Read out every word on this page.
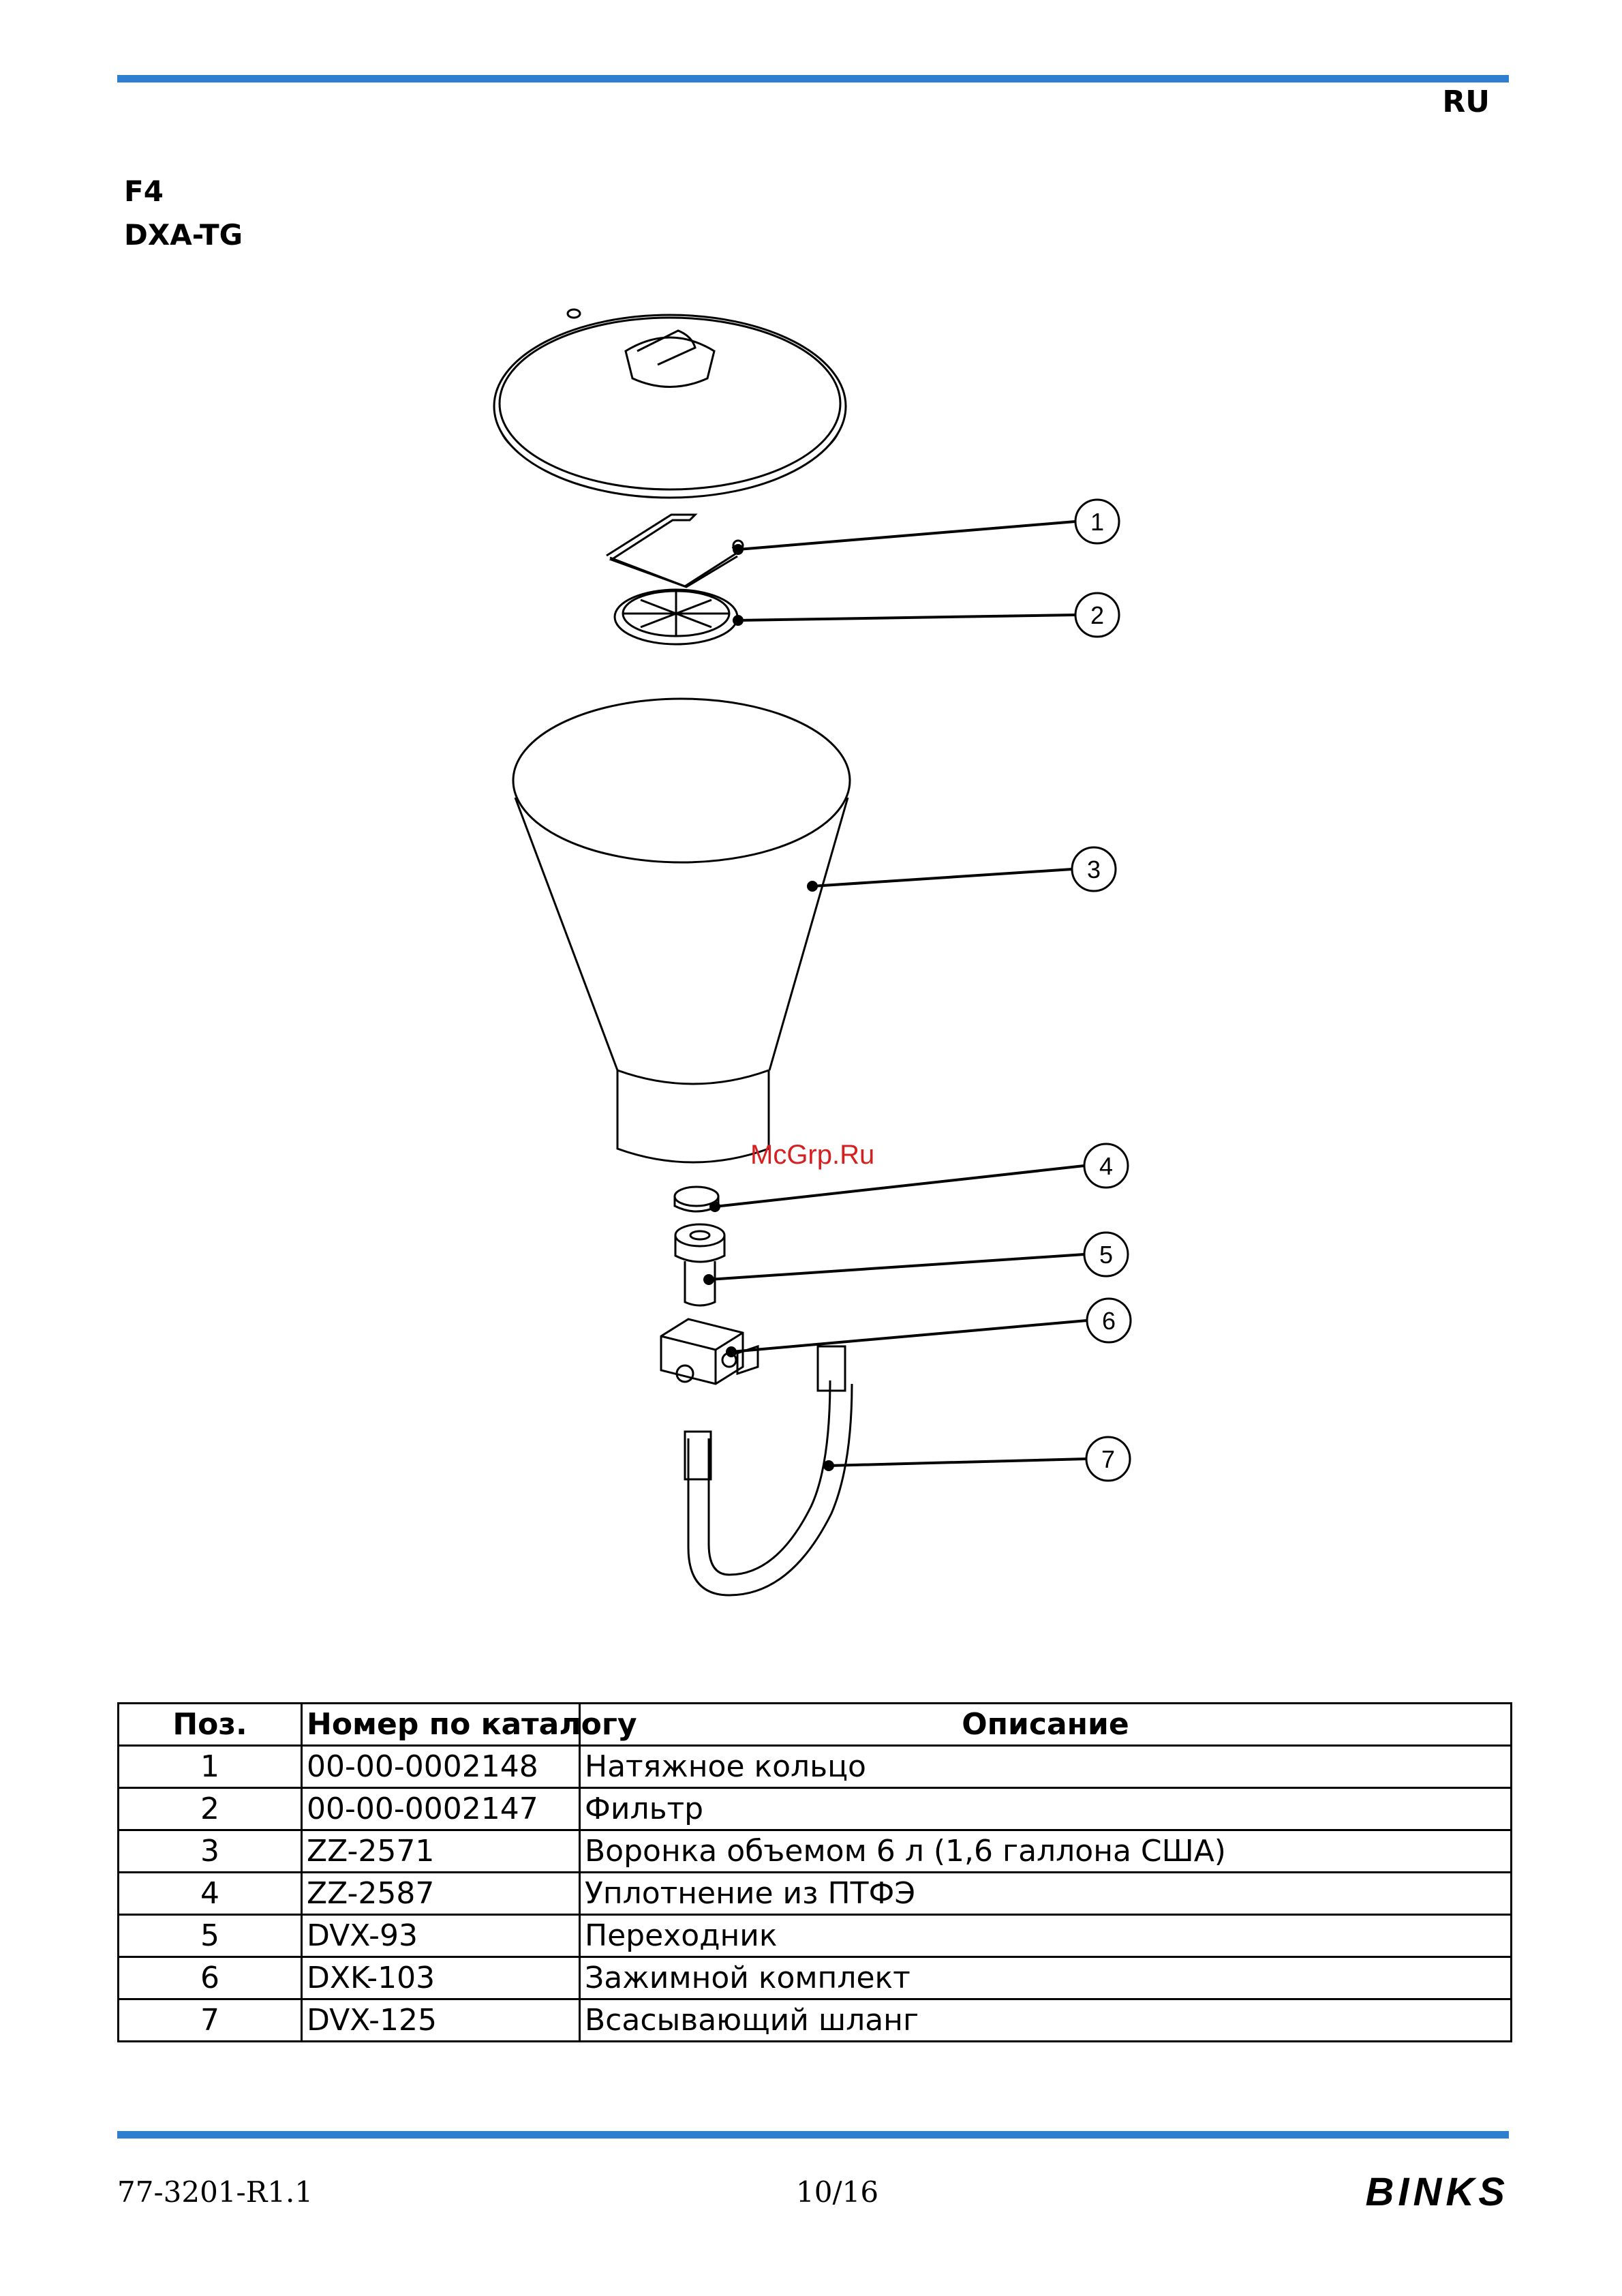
RU
F4
DXA-TG
1
2
3
4
5
6
7
McGrp.Ru
Поз.	Номер по каталогу	Описание
1	00-00-0002148	Натяжное кольцо
2	00-00-0002147	Фильтр
3	ZZ-2571	Воронка объемом 6 л (1,6 галлона США)
4	ZZ-2587	Уплотнение из ПТФЭ
5	DVX-93	Переходник
6	DXK-103	Зажимной комплект
7	DVX-125	Всасывающий шланг
77-3201-R1.1	10/16	BINKS
